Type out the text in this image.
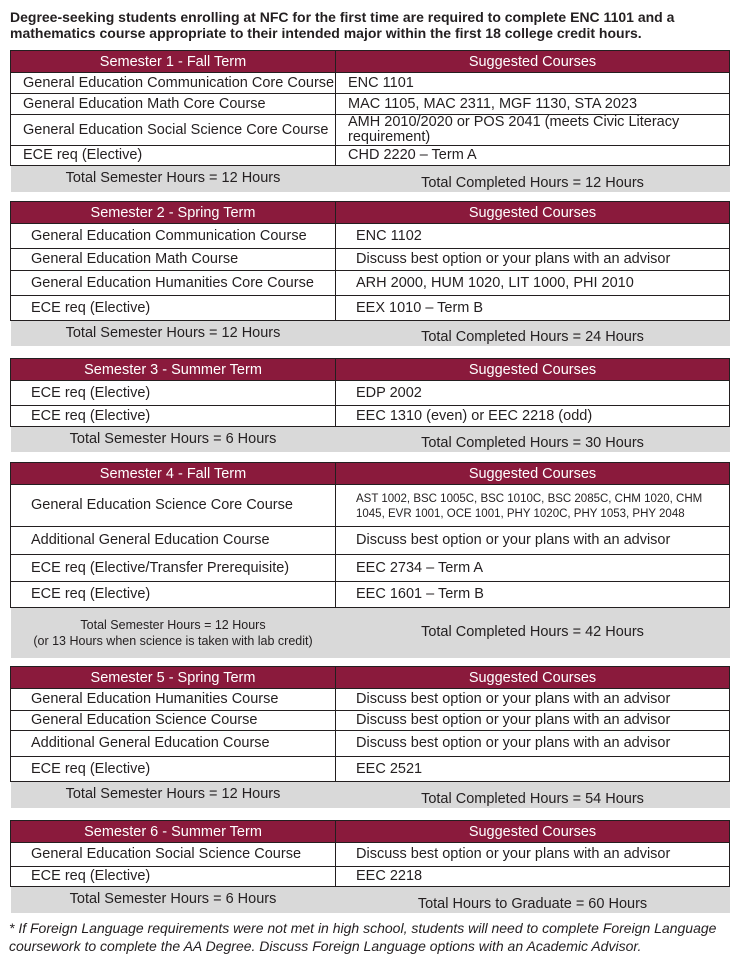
Degree-seeking students enrolling at NFC for the first time are required to complete ENC 1101 and a mathematics course appropriate to their intended major within the first 18 college credit hours.
Semester 1 - Fall Term	Suggested Courses
General Education Communication Core Course	ENC 1101
General Education Math Core Course	MAC 1105, MAC 2311, MGF 1130, STA 2023
General Education Social Science Core Course	AMH 2010/2020 or POS 2041 (meets Civic Literacy requirement)
ECE req (Elective)	CHD 2220 – Term A
Total Semester Hours = 12 Hours	Total Completed Hours = 12 Hours
Semester 2 - Spring Term	Suggested Courses
General Education Communication Course	ENC 1102
General Education Math Course	Discuss best option or your plans with an advisor
General Education Humanities Core Course	ARH 2000, HUM 1020, LIT 1000, PHI 2010
ECE req (Elective)	EEX 1010 – Term B
Total Semester Hours = 12 Hours	Total Completed Hours = 24 Hours
Semester 3 - Summer Term	Suggested Courses
ECE req (Elective)	EDP 2002
ECE req (Elective)	EEC 1310 (even) or EEC 2218 (odd)
Total Semester Hours = 6 Hours	Total Completed Hours = 30 Hours
Semester 4 - Fall Term	Suggested Courses
General Education Science Core Course	AST 1002, BSC 1005C, BSC 1010C, BSC 2085C, CHM 1020, CHM 1045, EVR 1001, OCE 1001, PHY 1020C, PHY 1053, PHY 2048
Additional General Education Course	Discuss best option or your plans with an advisor
ECE req (Elective/Transfer Prerequisite)	EEC 2734 – Term A
ECE req (Elective)	EEC 1601 – Term B

Total Semester Hours = 12 Hours
(or 13 Hours when science is taken with lab credit)	Total Completed Hours = 42 Hours
Semester 5 - Spring Term	Suggested Courses
General Education Humanities Course	Discuss best option or your plans with an advisor
General Education Science Course	Discuss best option or your plans with an advisor
Additional General Education Course	Discuss best option or your plans with an advisor
ECE req (Elective)	EEC 2521
Total Semester Hours = 12 Hours	Total Completed Hours = 54 Hours
Semester 6 - Summer Term	Suggested Courses
General Education Social Science Course	Discuss best option or your plans with an advisor
ECE req (Elective)	EEC 2218
Total Semester Hours = 6 Hours	Total Hours to Graduate = 60 Hours
* If Foreign Language requirements were not met in high school, students will need to complete Foreign Language coursework to complete the AA Degree. Discuss Foreign Language options with an Academic Advisor.
